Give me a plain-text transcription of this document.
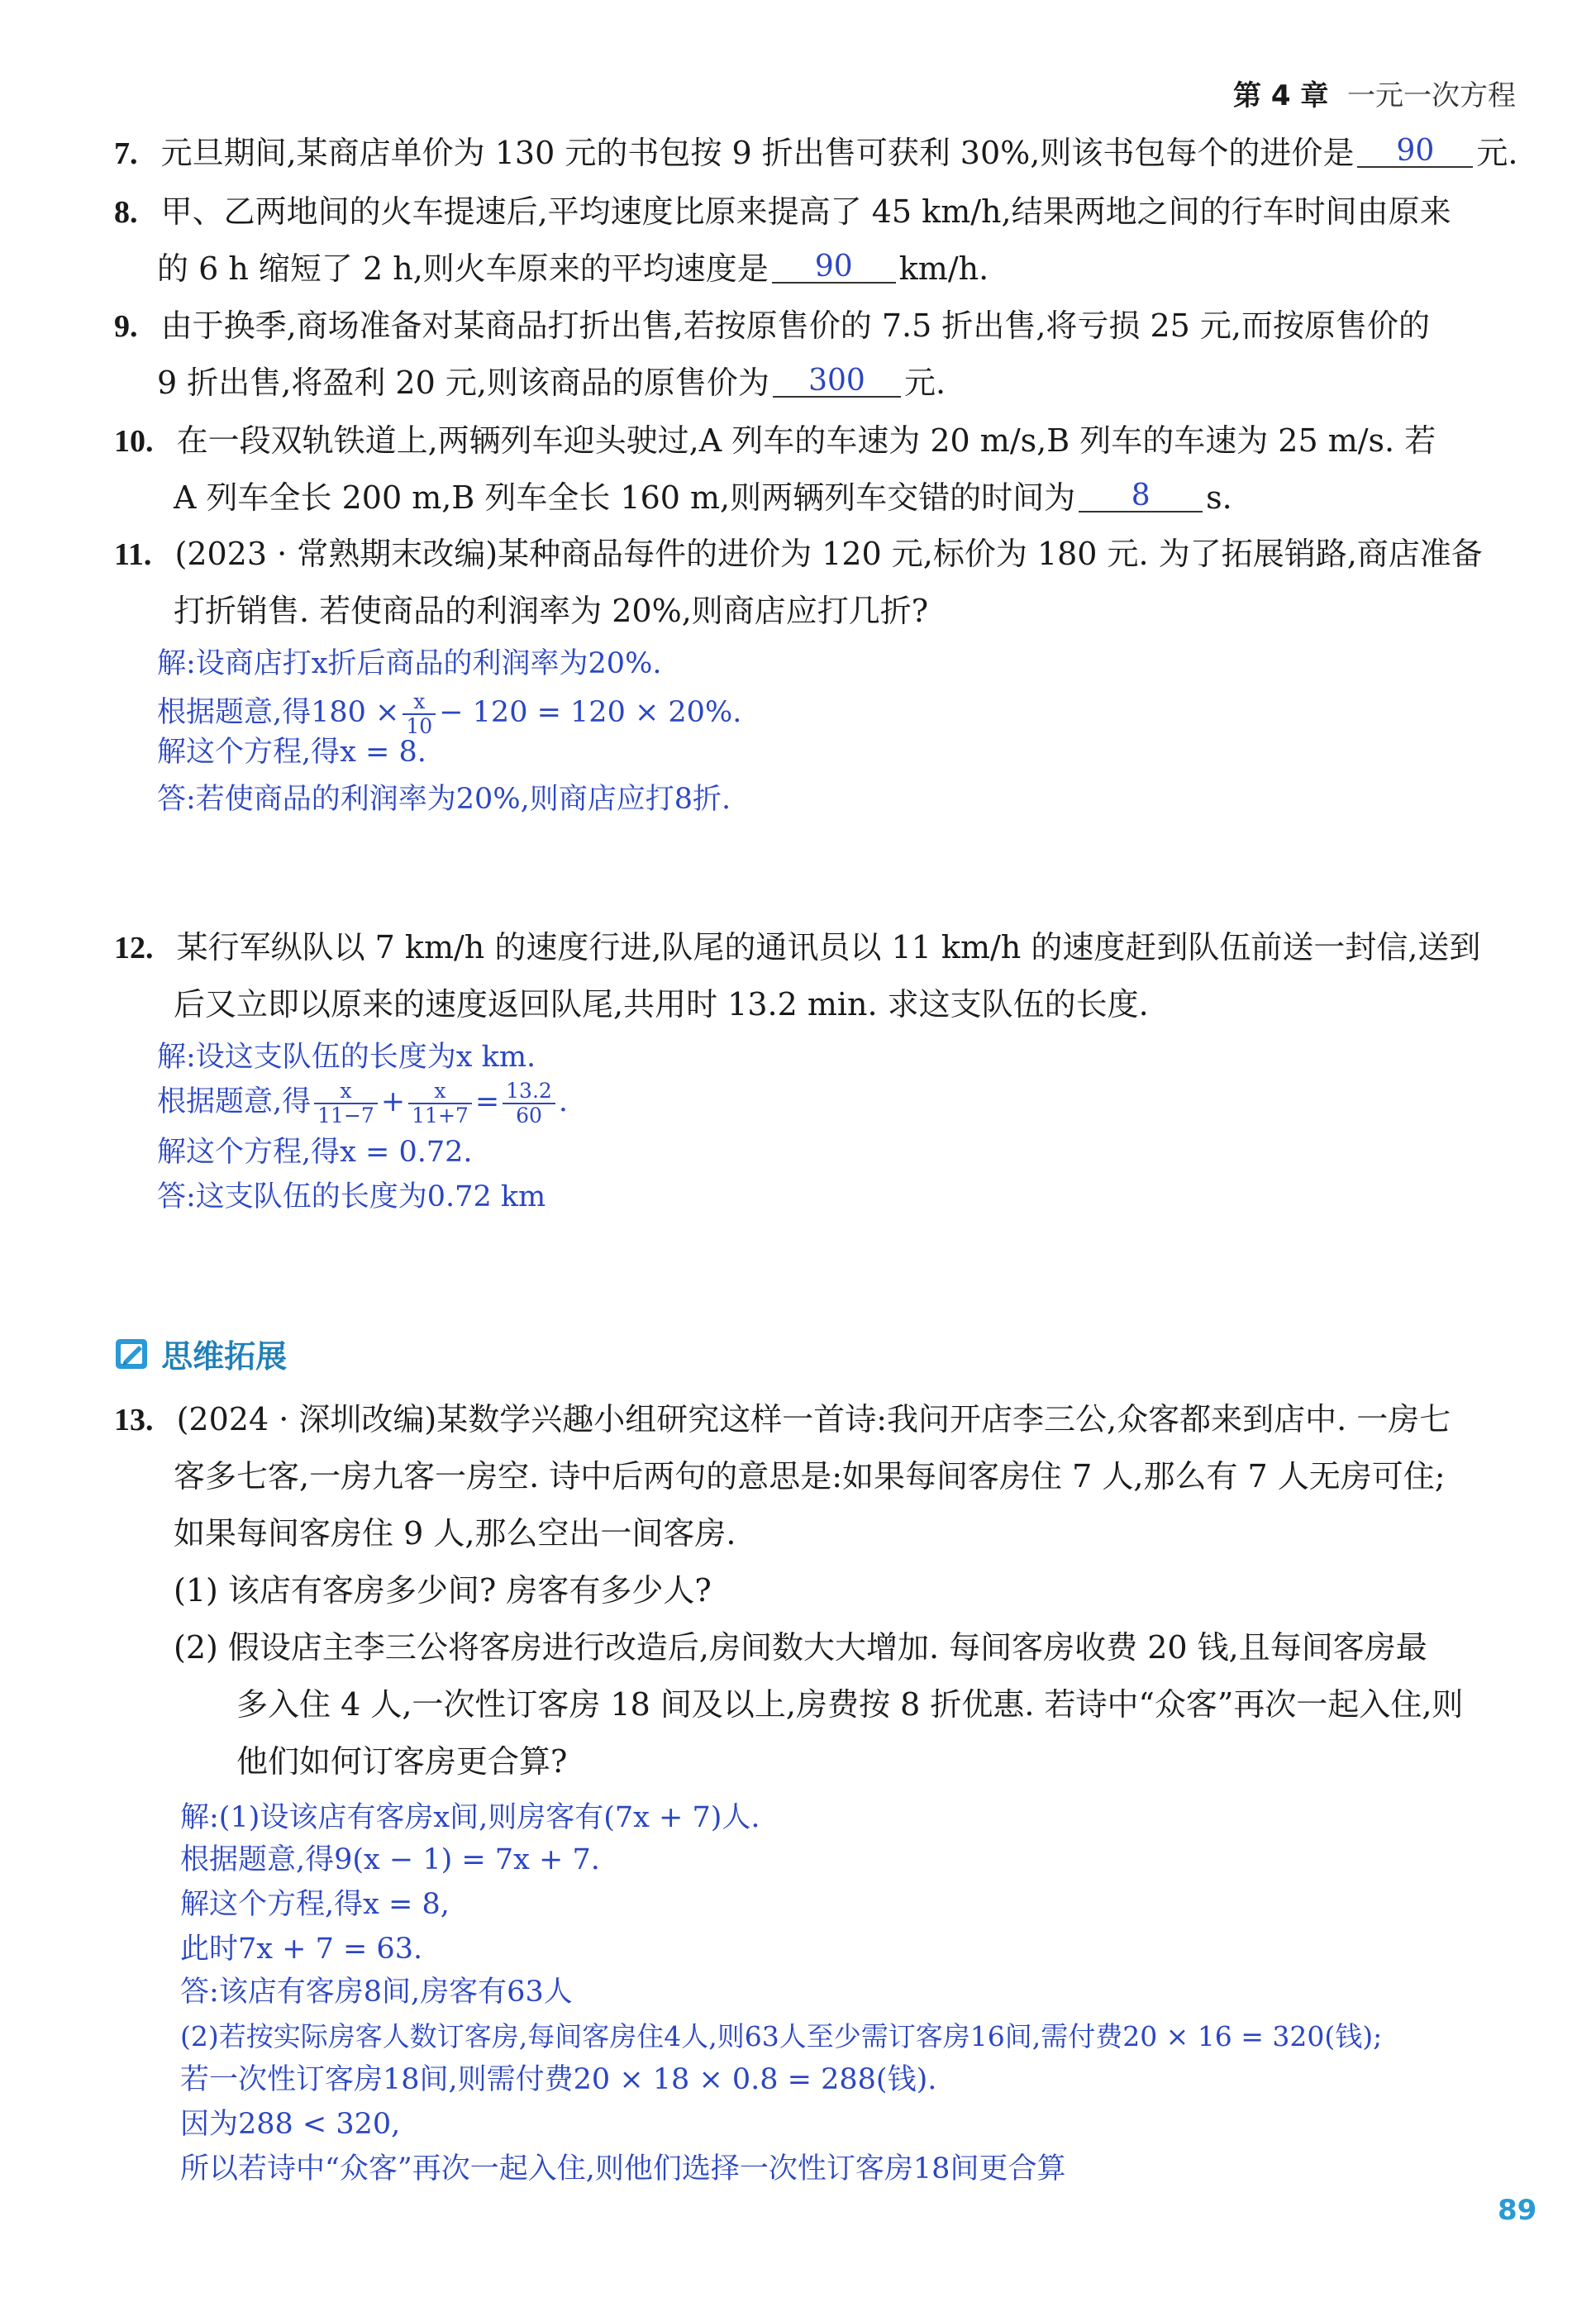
第 4 章 一元一次方程
7. 元旦期间,某商店单价为 130 元的书包按 9 折出售可获利 30%,则该书包每个的进价是 90 元.
8. 甲、乙两地间的火车提速后,平均速度比原来提高了 45 km/h,结果两地之间的行车时间由原来
的 6 h 缩短了 2 h,则火车原来的平均速度是 90 km/h.
9. 由于换季,商场准备对某商品打折出售,若按原售价的 7.5 折出售,将亏损 25 元,而按原售价的
9 折出售,将盈利 20 元,则该商品的原售价为 300 元.
10. 在一段双轨铁道上,两辆列车迎头驶过,A 列车的车速为 20 m/s,B 列车的车速为 25 m/s. 若
A 列车全长 200 m,B 列车全长 160 m,则两辆列车交错的时间为 8 s.
11. (2023 · 常熟期末改编)某种商品每件的进价为 120 元,标价为 180 元. 为了拓展销路,商店准备
打折销售. 若使商品的利润率为 20%,则商店应打几折?
解:设商店打x折后商品的利润率为20%.
根据题意,得$180 \times \frac{x}{10} - 120 = 120 \times 20\%$.
解这个方程,得x = 8.
答:若使商品的利润率为20%,则商店应打8折.
12. 某行军纵队以 7 km/h 的速度行进,队尾的通讯员以 11 km/h 的速度赶到队伍前送一封信,送到
后又立即以原来的速度返回队尾,共用时 13.2 min. 求这支队伍的长度.
解:设这支队伍的长度为x km.
根据题意,得 $\frac{x}{11-7} + \frac{x}{11+7} = \frac{13.2}{60}$ .
解这个方程,得x = 0.72.
答:这支队伍的长度为0.72 km
思维拓展
13. (2024 · 深圳改编)某数学兴趣小组研究这样一首诗:我问开店李三公,众客都来到店中. 一房七
客多七客,一房九客一房空. 诗中后两句的意思是:如果每间客房住 7 人,那么有 7 人无房可住;
如果每间客房住 9 人,那么空出一间客房.
(1) 该店有客房多少间? 房客有多少人?
(2) 假设店主李三公将客房进行改造后,房间数大大增加. 每间客房收费 20 钱,且每间客房最
多入住 4 人,一次性订客房 18 间及以上,房费按 8 折优惠. 若诗中“众客”再次一起入住,则
他们如何订客房更合算?
解:(1)设该店有客房x间,则房客有(7x + 7)人.
根据题意,得9(x − 1) = 7x + 7.
解这个方程,得x = 8,
此时7x + 7 = 63.
答:该店有客房8间,房客有63人
(2)若按实际房客人数订客房,每间客房住4人,则63人至少需订客房16间,需付费20 × 16 = 320(钱);
若一次性订客房18间,则需付费20 × 18 × 0.8 = 288(钱).
因为288 < 320,
所以若诗中“众客”再次一起入住,则他们选择一次性订客房18间更合算
89
